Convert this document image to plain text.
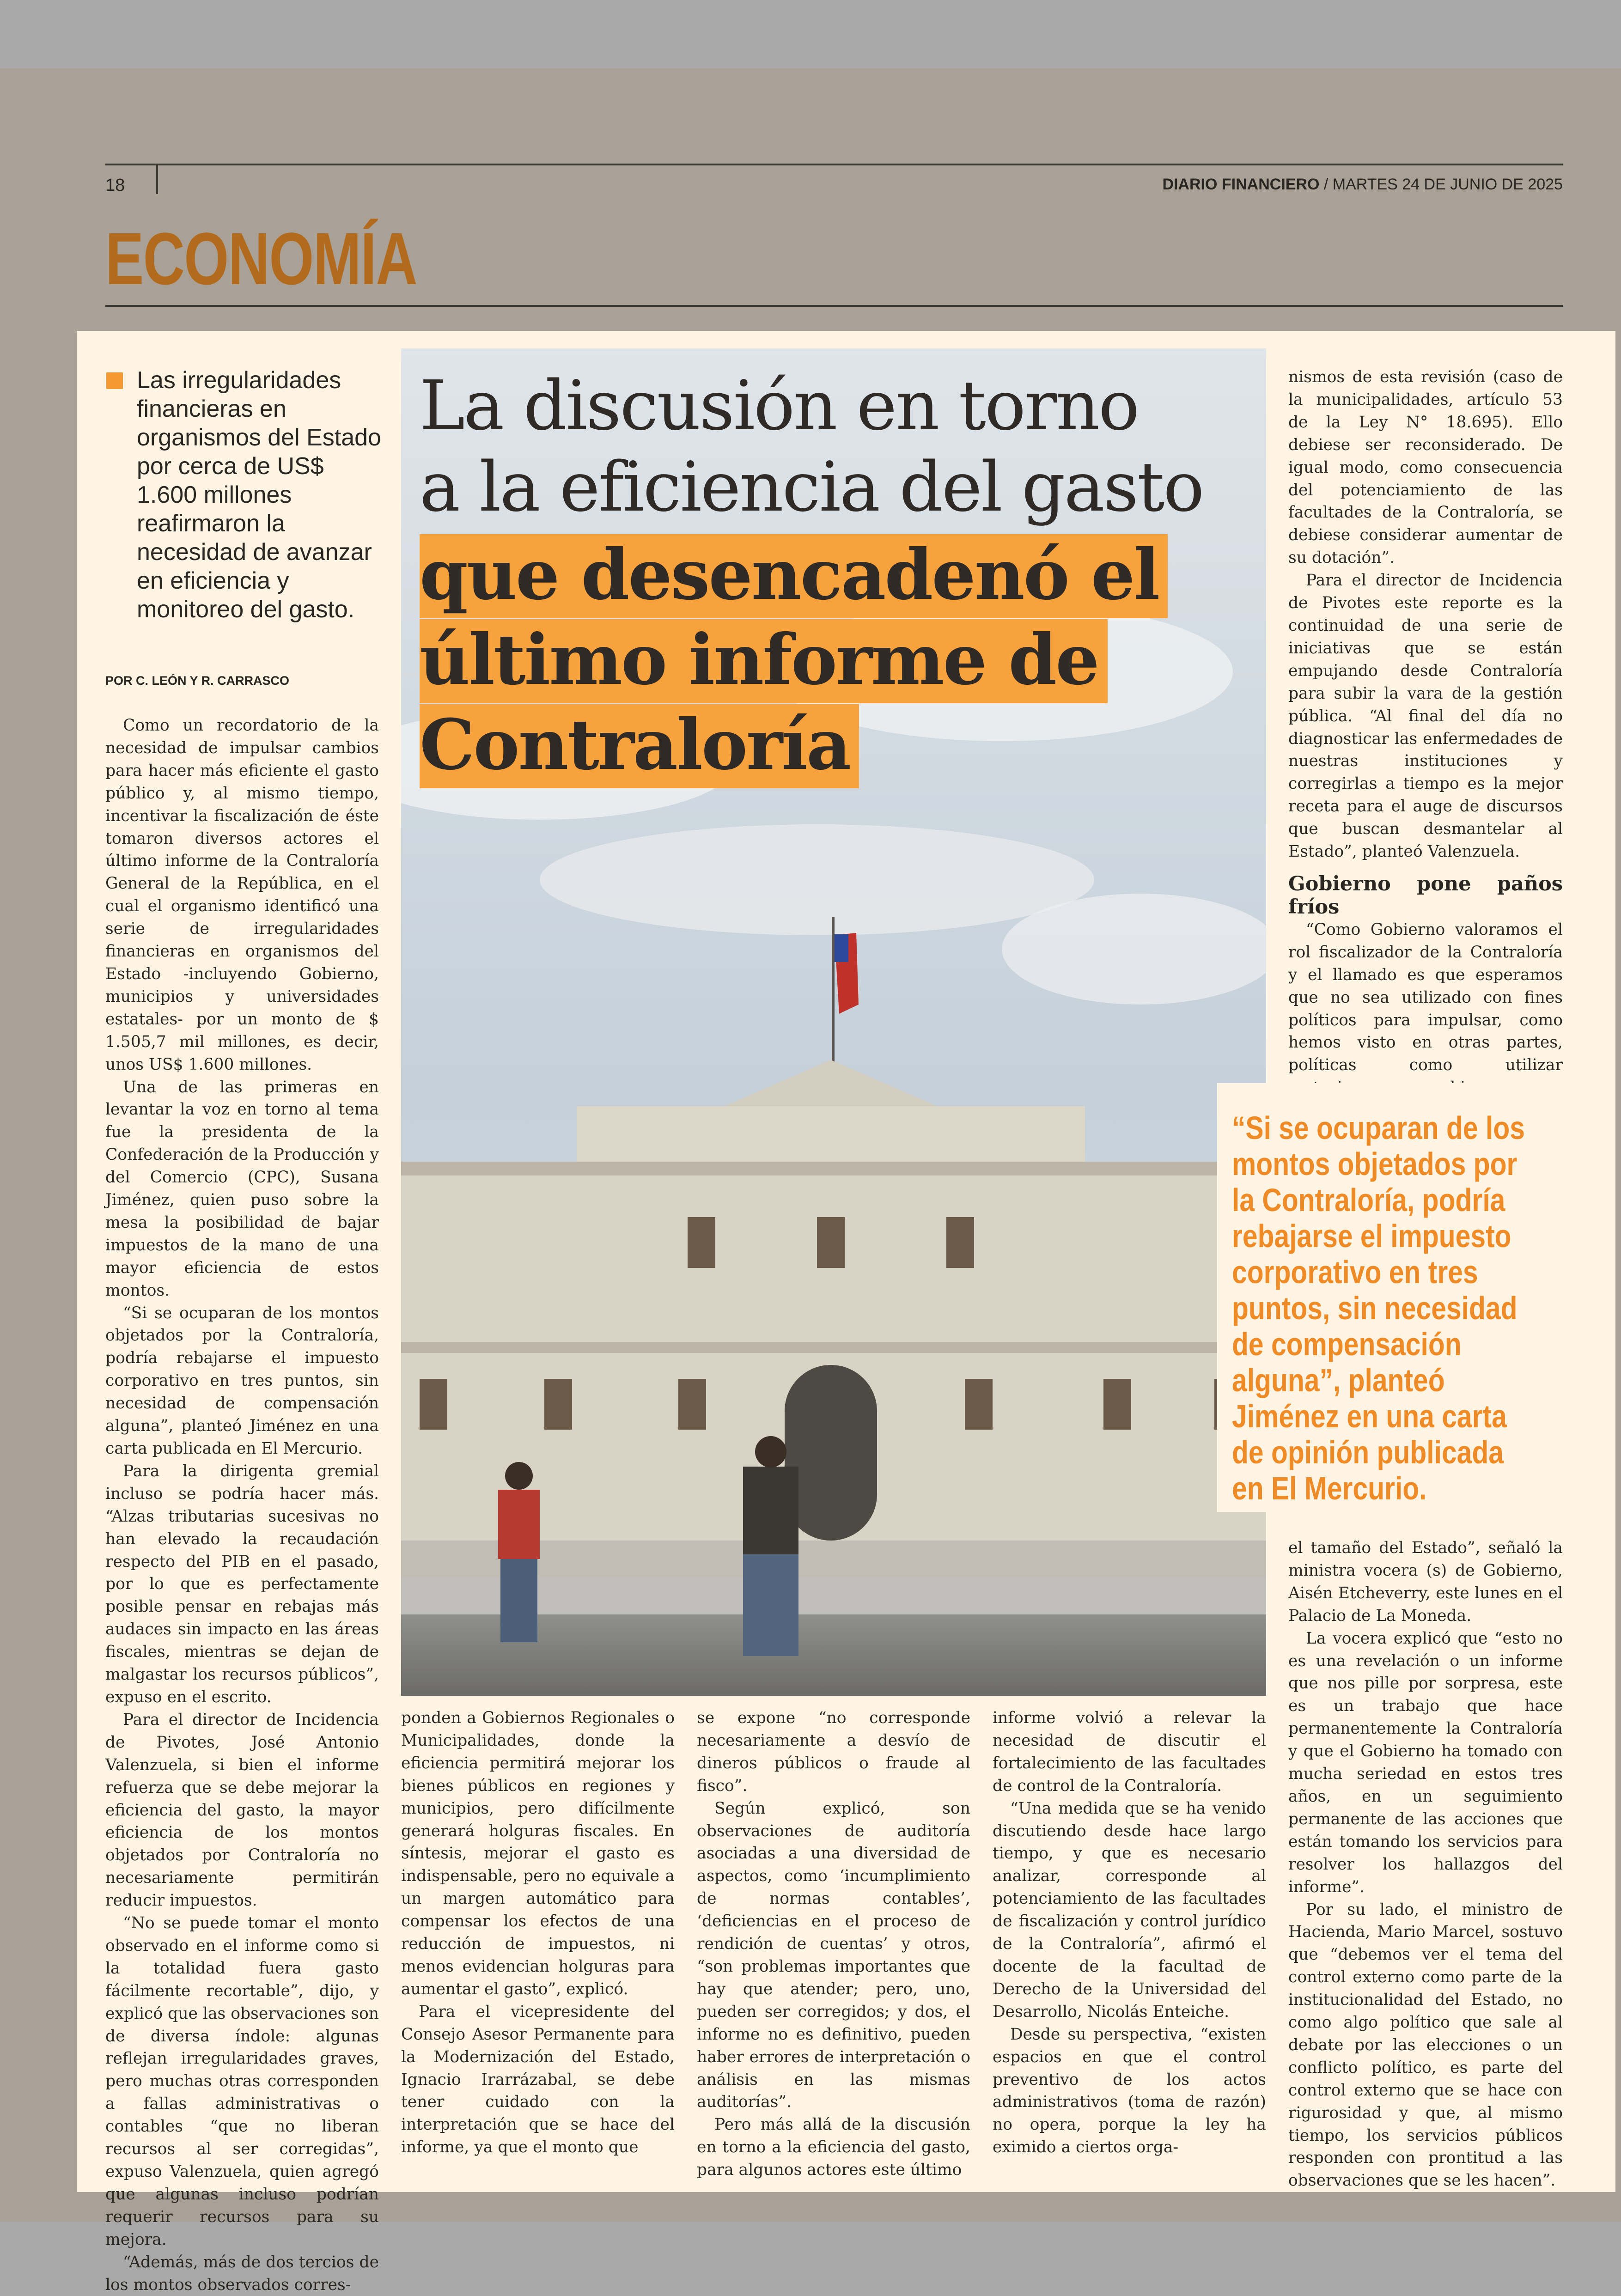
18	DIARIO FINANCIERO / MARTES 24 DE JUNIO DE 2025
ECONOMÍA
Las irregularidades financieras en organismos del Estado por cerca de US$ 1.600 millones reafirmaron la necesidad de avanzar en eficiencia y monitoreo del gasto.
POR C. LEÓN Y R. CARRASCO
La discusión en torno
a la eficiencia del gasto
que desencadenó el
último informe de
Contraloría

Como un recordatorio de la necesidad de impulsar cambios para hacer más eficiente el gasto público y, al mismo tiempo, incentivar la fiscalización de éste tomaron diversos actores el último informe de la Contraloría General de la República, en el cual el organismo identificó una serie de irregularidades financieras en organismos del Estado -incluyendo Gobierno, municipios y universidades estatales- por un monto de $ 1.505,7 mil millones, es decir, unos US$ 1.600 millones.

Una de las primeras en levantar la voz en torno al tema fue la presidenta de la Confederación de la Producción y del Comercio (CPC), Susana Jiménez, quien puso sobre la mesa la posibilidad de bajar impuestos de la mano de una mayor eficiencia de estos montos.

“Si se ocuparan de los montos objetados por la Contraloría, podría rebajarse el impuesto corporativo en tres puntos, sin necesidad de compensación alguna”, planteó Jiménez en una carta publicada en El Mercurio.

Para la dirigenta gremial incluso se podría hacer más. “Alzas tributarias sucesivas no han elevado la recaudación respecto del PIB en el pasado, por lo que es perfectamente posible pensar en rebajas más audaces sin impacto en las áreas fiscales, mientras se dejan de malgastar los recursos públicos”, expuso en el escrito.

Para el director de Incidencia de Pivotes, José Antonio Valenzuela, si bien el informe refuerza que se debe mejorar la eficiencia del gasto, la mayor eficiencia de los montos objetados por Contraloría no necesariamente permitirán reducir impuestos.

“No se puede tomar el monto observado en el informe como si la totalidad fuera gasto fácilmente recortable”, dijo, y explicó que las observaciones son de diversa índole: algunas reflejan irregularidades graves, pero muchas otras corresponden a fallas administrativas o contables “que no liberan recursos al ser corregidas”, expuso Valenzuela, quien agregó que algunas incluso podrían requerir recursos para su mejora.

“Además, más de dos tercios de los montos observados corres-

ponden a Gobiernos Regionales o Municipalidades, donde la eficiencia permitirá mejorar los bienes públicos en regiones y municipios, pero difícilmente generará holguras fiscales. En síntesis, mejorar el gasto es indispensable, pero no equivale a un margen automático para compensar los efectos de una reducción de impuestos, ni menos evidencian holguras para aumentar el gasto”, explicó.

Para el vicepresidente del Consejo Asesor Permanente para la Modernización del Estado, Ignacio Irarrázabal, se debe tener cuidado con la interpretación que se hace del informe, ya que el monto que

se expone “no corresponde necesariamente a desvío de dineros públicos o fraude al fisco”.

Según explicó, son observaciones de auditoría asociadas a una diversidad de aspectos, como ‘incumplimiento de normas contables’, ‘deficiencias en el proceso de rendición de cuentas’ y otros, “son problemas importantes que hay que atender; pero, uno, pueden ser corregidos; y dos, el informe no es definitivo, pueden haber errores de interpretación o análisis en las mismas auditorías”.

Pero más allá de la discusión en torno a la eficiencia del gasto, para algunos actores este último

informe volvió a relevar la necesidad de discutir el fortalecimiento de las facultades de control de la Contraloría.

“Una medida que se ha venido discutiendo desde hace largo tiempo, y que es necesario analizar, corresponde al potenciamiento de las facultades de fiscalización y control jurídico de la Contraloría”, afirmó el docente de la facultad de Derecho de la Universidad del Desarrollo, Nicolás Enteiche.

Desde su perspectiva, “existen espacios en que el control preventivo de los actos administrativos (toma de razón) no opera, porque la ley ha eximido a ciertos orga-

nismos de esta revisión (caso de la municipalidades, artículo 53 de la Ley N° 18.695). Ello debiese ser reconsiderado. De igual modo, como consecuencia del potenciamiento de las facultades de la Contraloría, se debiese considerar aumentar de su dotación”.

Para el director de Incidencia de Pivotes este reporte es la continuidad de una serie de iniciativas que se están empujando desde Contraloría para subir la vara de la gestión pública. “Al final del día no diagnosticar las enfermedades de nuestras instituciones y corregirlas a tiempo es la mejor receta para el auge de discursos que buscan desmantelar al Estado”, planteó Valenzuela.

Gobierno pone paños fríos

“Como Gobierno valoramos el rol fiscalizador de la Contraloría y el llamado es que esperamos que no sea utilizado con fines políticos para impulsar, como hemos visto en otras partes, políticas como utilizar

“Si se ocuparan de los montos objetados por la Contraloría, podría rebajarse el impuesto corporativo en tres puntos, sin necesidad de compensación alguna”, planteó Jiménez en una carta de opinión publicada en El Mercurio.

el tamaño del Estado”, señaló la ministra vocera (s) de Gobierno, Aisén Etcheverry, este lunes en el Palacio de La Moneda.

La vocera explicó que “esto no es una revelación o un informe que nos pille por sorpresa, este es un trabajo que hace permanentemente la Contraloría y que el Gobierno ha tomado con mucha seriedad en estos tres años, en un seguimiento permanente de las acciones que están tomando los servicios para resolver los hallazgos del informe”.

Por su lado, el ministro de Hacienda, Mario Marcel, sostuvo que “debemos ver el tema del control externo como parte de la institucionalidad del Estado, no como algo político que sale al debate por las elecciones o un conflicto político, es parte del control externo que se hace con rigurosidad y que, al mismo tiempo, los servicios públicos responden con prontitud a las observaciones que se les hacen”.
